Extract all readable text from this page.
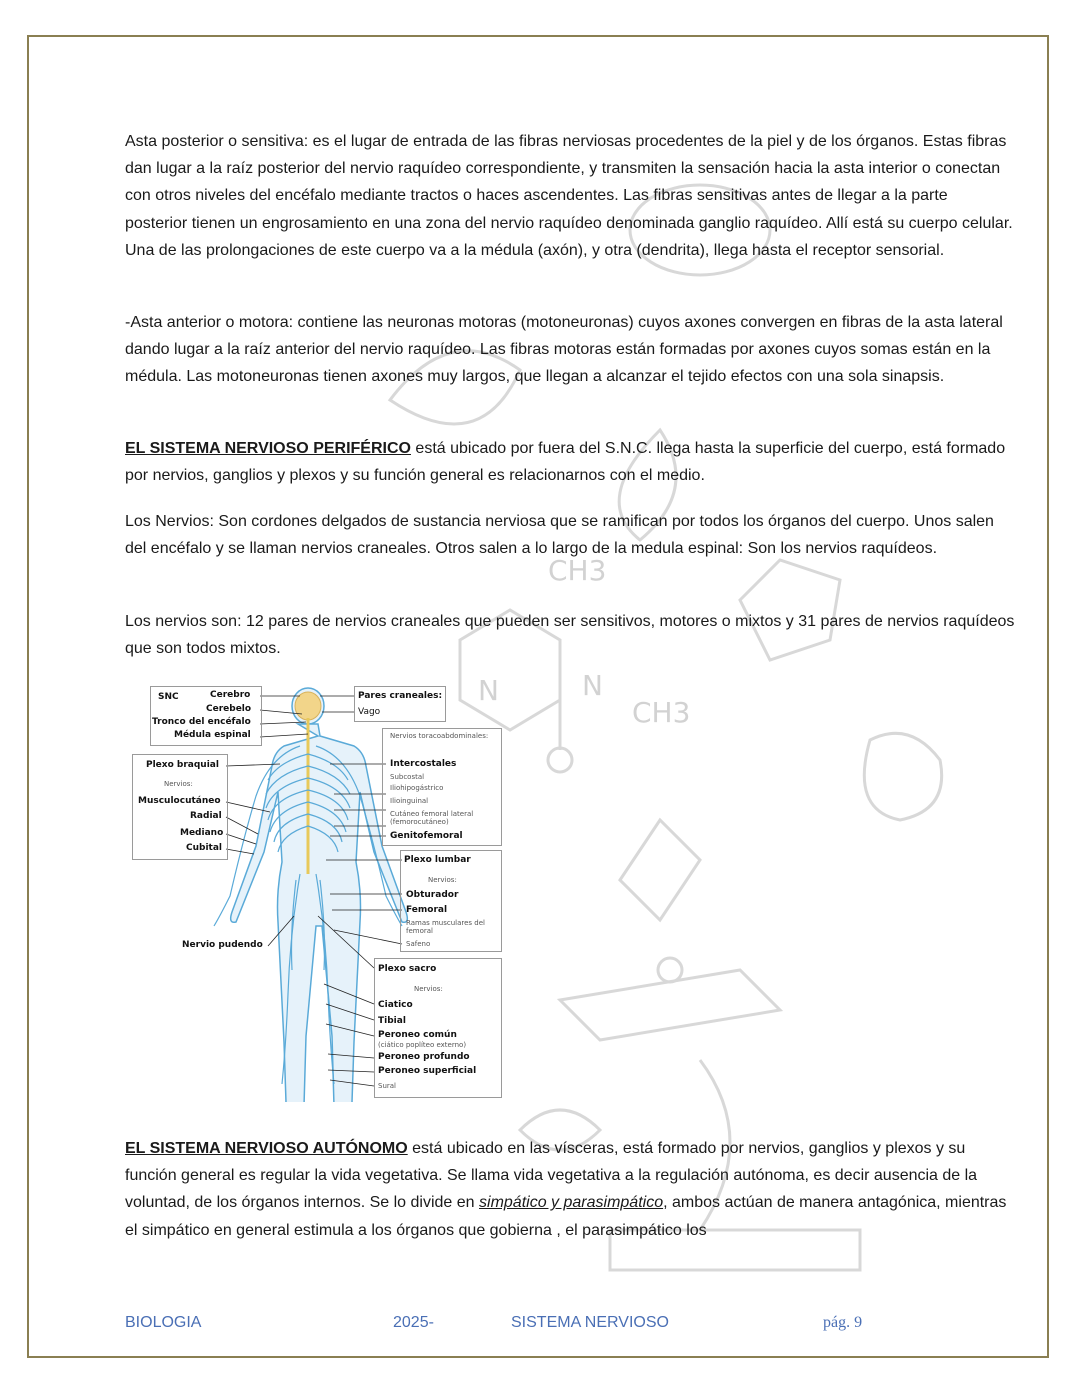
CH3
CH3
N	N

Asta posterior o sensitiva: es el lugar de entrada de las fibras nerviosas procedentes de la piel y de los órganos. Estas fibras dan lugar a la raíz posterior del nervio raquídeo correspondiente, y transmiten la sensación hacia la asta interior o conectan con otros niveles del encéfalo mediante tractos o haces ascendentes. Las fibras sensitivas antes de llegar a la parte posterior tienen un engrosamiento en una zona del nervio raquídeo denominada ganglio raquídeo. Allí está su cuerpo celular. Una de las prolongaciones de este cuerpo va a la médula (axón), y otra (dendrita), llega hasta el receptor sensorial.

-Asta anterior o motora: contiene las neuronas motoras (motoneuronas) cuyos axones convergen en fibras de la asta lateral dando lugar a la raíz anterior del nervio raquídeo. Las fibras motoras están formadas por axones cuyos somas están en la médula. Las motoneuronas tienen axones muy largos, que llegan a alcanzar el tejido efectos con una sola sinapsis.

EL SISTEMA NERVIOSO PERIFÉRICO está ubicado por fuera del S.N.C. llega hasta la superficie del cuerpo, está formado por nervios, ganglios y plexos y su función general es relacionarnos con el medio.

Los Nervios: Son cordones delgados de sustancia nerviosa que se ramifican por todos los órganos del cuerpo. Unos salen del encéfalo y se llaman nervios craneales. Otros salen a lo largo de la medula espinal: Son los nervios raquídeos.

Los nervios son: 12 pares de nervios craneales que pueden ser sensitivos, motores o mixtos y 31 pares de nervios raquídeos que son todos mixtos.

EL SISTEMA NERVIOSO AUTÓNOMO está ubicado en las vísceras, está formado por nervios, ganglios y plexos y su función general es regular la vida vegetativa. Se llama vida vegetativa a la regulación autónoma, es decir ausencia de la voluntad, de los órganos internos. Se lo divide en simpático y parasimpático, ambos actúan de manera antagónica, mientras el simpático en general estimula a los órganos que gobierna , el parasimpático los

SNC	Cerebro
Cerebelo
Tronco del encéfalo
Médula espinal
Pares craneales:
Vago
Plexo braquial
Nervios:
Musculocutáneo
Radial
Mediano
Cubital
Nervios toracoabdominales:
Intercostales
Subcostal
Iliohipogástrico
Ilioinguinal
Cutáneo femoral lateral (femorocutáneo)
Genitofemoral
Plexo lumbar
Nervios:
Obturador
Femoral
Ramas musculares del femoral
Safeno
Nervio pudendo
Plexo sacro
Nervios:
Ciatico
Tibial
Peroneo común
(ciático poplíteo externo)
Peroneo profundo
Peroneo superficial
Sural
BIOLOGIA	2025-	SISTEMA NERVIOSO	pág. 9
